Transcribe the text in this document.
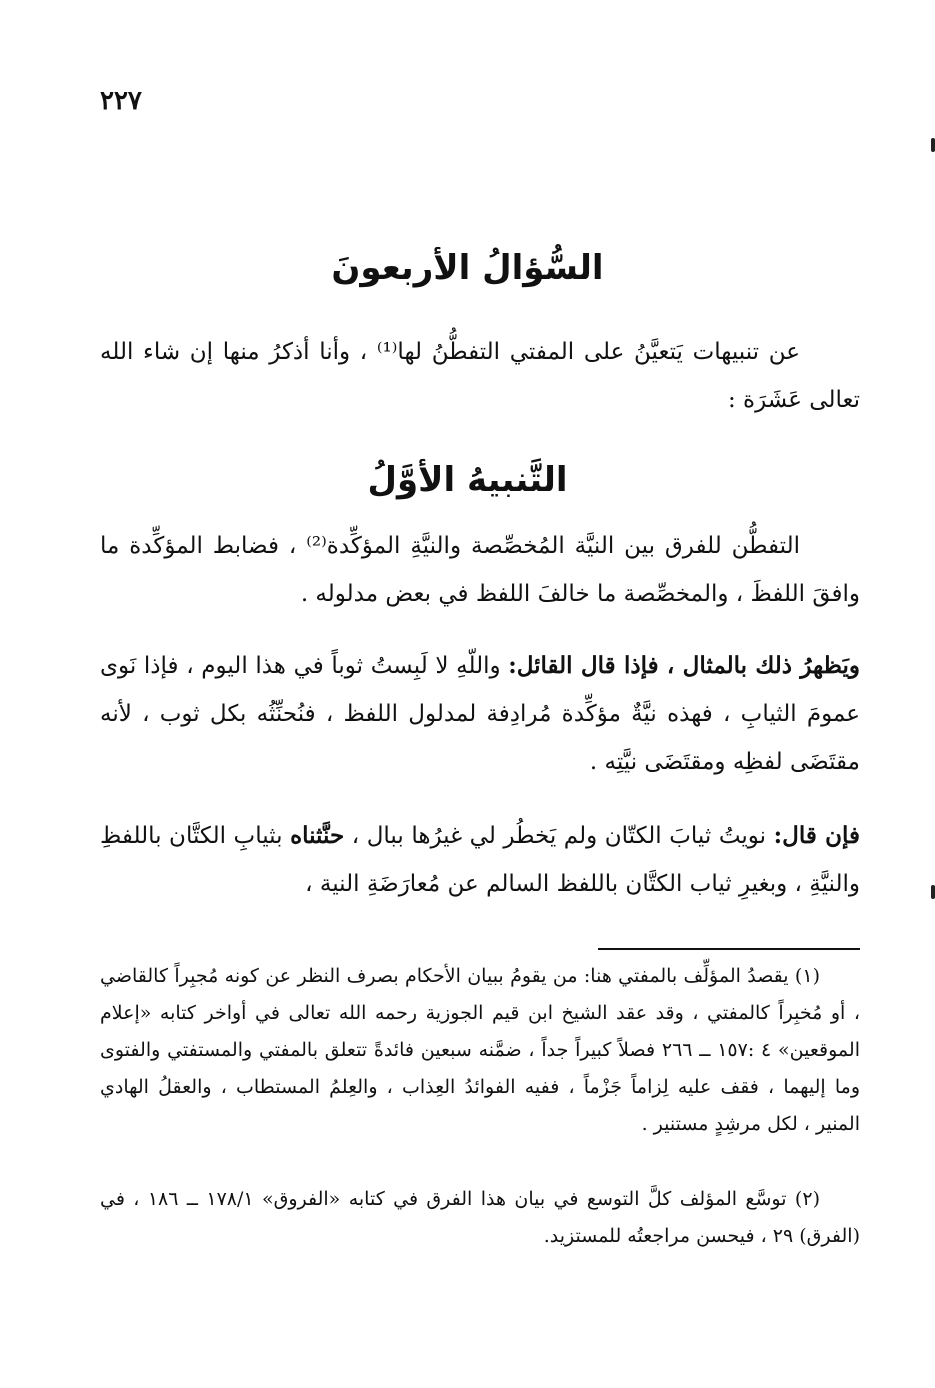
٢٢٧
السُّؤالُ الأربعونَ
عن تنبيهات يَتعيَّنُ على المفتي التفطُّنُ لها⁽¹⁾ ، وأنا أذكرُ منها إن شاء الله تعالى عَشَرَة :
التَّنبيهُ الأوَّلُ
التفطُّن للفرق بين النيَّة المُخصِّصة والنيَّةِ المؤكِّدة⁽²⁾ ، فضابط المؤكِّدة ما وافقَ اللفظَ ، والمخصِّصة ما خالفَ اللفظ في بعض مدلوله .
ويَظهرُ ذلك بالمثال ، فإذا قال القائل: واللّهِ لا لَبِستُ ثوباً في هذا اليوم ، فإذا نَوى عمومَ الثيابِ ، فهذه نيَّةٌ مؤكِّدة مُرادِفة لمدلول اللفظ ، فنُحنِّثُه بكل ثوب ، لأنه مقتَضَى لفظِه ومقتَضَى نيَّتِه .
فإن قال: نويتُ ثيابَ الكتّان ولم يَخطُر لي غيرُها ببال ، حنَّثناه بثيابِ الكتَّان باللفظِ والنيَّةِ ، وبغيرِ ثياب الكتَّان باللفظ السالم عن مُعارَضَةِ النية ،
(١) يقصدُ المؤلِّف بالمفتي هنا: من يقومُ ببيان الأحكام بصرف النظر عن كونه مُجبِراً كالقاضي ، أو مُخبِراً كالمفتي ، وقد عقد الشيخ ابن قيم الجوزية رحمه الله تعالى في أواخر كتابه «إعلام الموقعين» ٤ :١٥٧ ــ ٢٦٦ فصلاً كبيراً جداً ، ضمَّنه سبعين فائدةً تتعلق بالمفتي والمستفتي والفتوى وما إليهما ، فقف عليه لِزاماً جَزْماً ، ففيه الفوائدُ العِذاب ، والعِلمُ المستطاب ، والعقلُ الهادي المنير ، لكل مرشِدٍ مستنير .
(٢) توسَّع المؤلف كلَّ التوسع في بيان هذا الفرق في كتابه «الفروق» ١٧٨/١ ــ ١٨٦ ، في (الفرق) ٢٩ ، فيحسن مراجعتُه للمستزيد.
